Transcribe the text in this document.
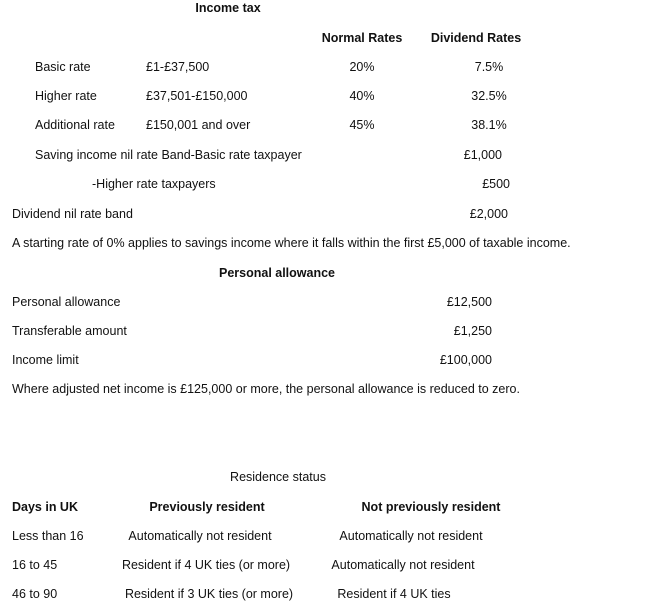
Income tax
Normal Rates Dividend Rates
Basic rate	£1-£37,500	20%	7.5%
Higher rate	£37,501-£150,000	40%	32.5%
Additional rate £150,001 and over	45%	38.1%
Saving income nil rate Band-Basic rate taxpayer	£1,000
-Higher rate taxpayers	£500
Dividend nil rate band	£2,000
A starting rate of 0% applies to savings income where it falls within the first £5,000 of taxable income.
Personal allowance
Personal allowance	£12,500
Transferable amount	£1,250
Income limit	£100,000
Where adjusted net income is £125,000 or more, the personal allowance is reduced to zero.
Residence status
Days in UK	Previously resident	Not previously resident
Less than 16	Automatically not resident	Automatically not resident
16 to 45	Resident if 4 UK ties (or more)	Automatically not resident
46 to 90	Resident if 3 UK ties (or more)	Resident if 4 UK ties
